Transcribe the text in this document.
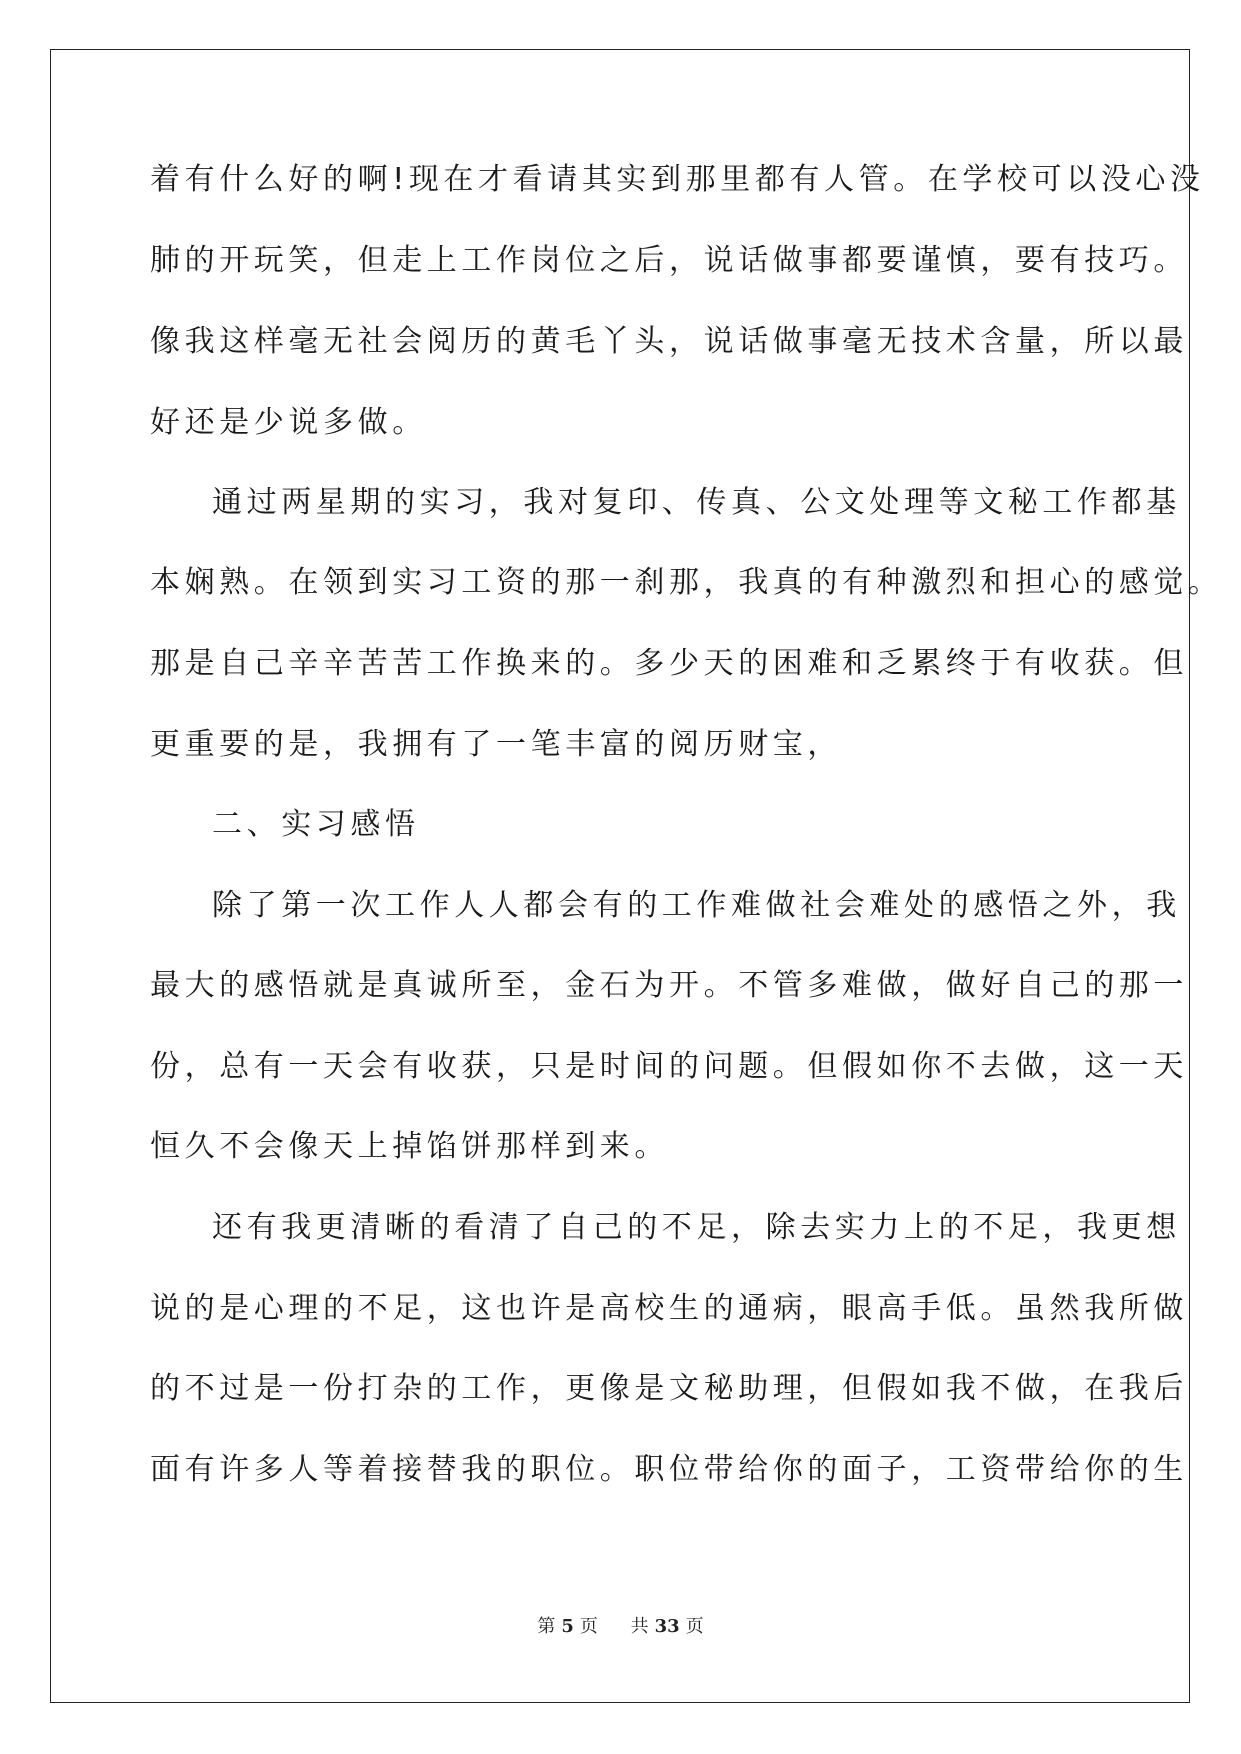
着有什么好的啊!现在才看请其实到那里都有人管。在学校可以没心没
肺的开玩笑，但走上工作岗位之后，说话做事都要谨慎，要有技巧。
像我这样毫无社会阅历的黄毛丫头，说话做事毫无技术含量，所以最
好还是少说多做。
通过两星期的实习，我对复印、传真、公文处理等文秘工作都基
本娴熟。在领到实习工资的那一刹那，我真的有种激烈和担心的感觉。
那是自己辛辛苦苦工作换来的。多少天的困难和乏累终于有收获。但
更重要的是，我拥有了一笔丰富的阅历财宝，
二、实习感悟
除了第一次工作人人都会有的工作难做社会难处的感悟之外，我
最大的感悟就是真诚所至，金石为开。不管多难做，做好自己的那一
份，总有一天会有收获，只是时间的问题。但假如你不去做，这一天
恒久不会像天上掉馅饼那样到来。
还有我更清晰的看清了自己的不足，除去实力上的不足，我更想
说的是心理的不足，这也许是高校生的通病，眼高手低。虽然我所做
的不过是一份打杂的工作，更像是文秘助理，但假如我不做，在我后
面有许多人等着接替我的职位。职位带给你的面子，工资带给你的生
第 5 页 共 33 页
